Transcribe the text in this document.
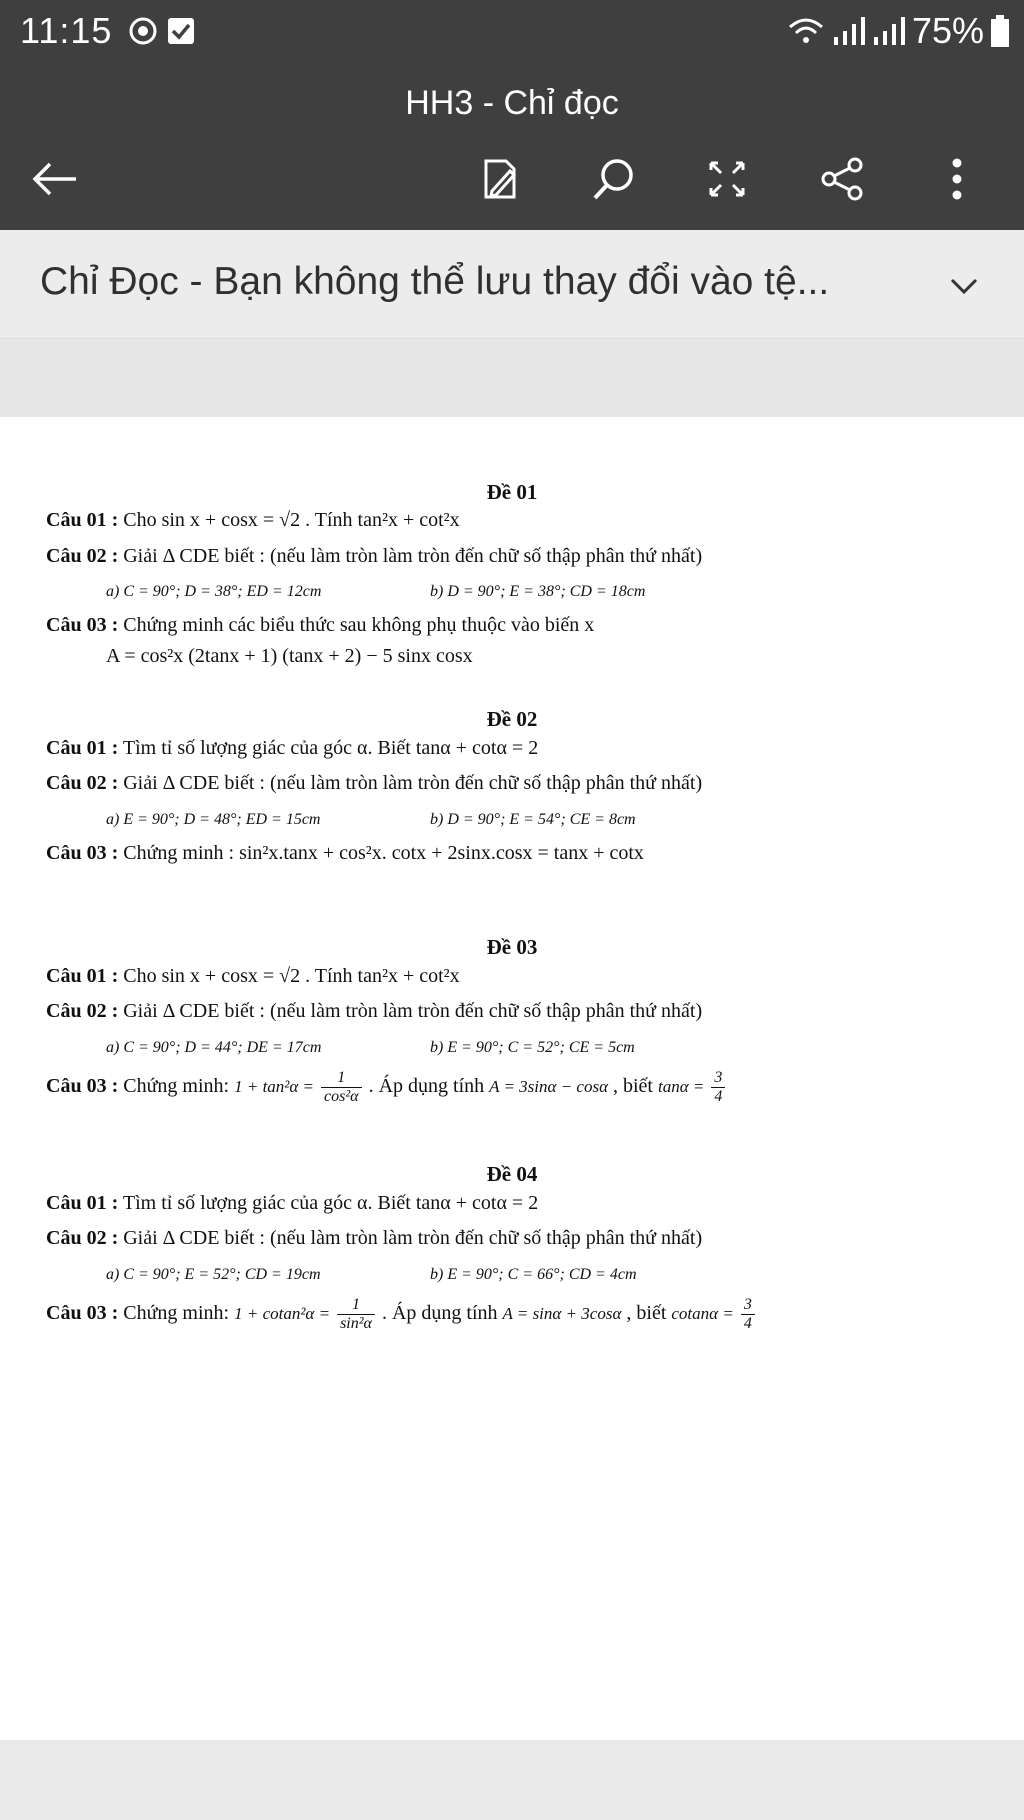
11:15	75%
HH3 - Chỉ đọc
Chỉ Đọc - Bạn không thể lưu thay đổi vào tệ...
Đề 01
Câu 01 : Cho sin x + cosx = √2 . Tính tan²x + cot²x
Câu 02 : Giải Δ CDE biết : (nếu làm tròn làm tròn đến chữ số thập phân thứ nhất)
a) C = 90°; D = 38°; ED = 12cm	b) D = 90°; E = 38°; CD = 18cm
Câu 03 : Chứng minh các biểu thức sau không phụ thuộc vào biến x
A = cos²x (2tanx + 1) (tanx + 2) − 5 sinx cosx
Đề 02
Câu 01 : Tìm tỉ số lượng giác của góc α. Biết tanα + cotα = 2
Câu 02 : Giải Δ CDE biết : (nếu làm tròn làm tròn đến chữ số thập phân thứ nhất)
a) E = 90°; D = 48°; ED = 15cm	b) D = 90°; E = 54°; CE = 8cm
Câu 03 : Chứng minh : sin²x.tanx + cos²x. cotx + 2sinx.cosx = tanx + cotx
Đề 03
Câu 01 : Cho sin x + cosx = √2 . Tính tan²x + cot²x
Câu 02 : Giải Δ CDE biết : (nếu làm tròn làm tròn đến chữ số thập phân thứ nhất)
a) C = 90°; D = 44°; DE = 17cm	b) E = 90°; C = 52°; CE = 5cm
Câu 03 : Chứng minh: $1 + \tan^2\alpha = \frac{1}{\text{cos²α}}$ . Áp dụng tính A = 3sinα − cosα , biết $\tan\alpha = \frac{3}{4}$
Đề 04
Câu 01 : Tìm tỉ số lượng giác của góc α. Biết tanα + cotα = 2
Câu 02 : Giải Δ CDE biết : (nếu làm tròn làm tròn đến chữ số thập phân thứ nhất)
a) C = 90°; E = 52°; CD = 19cm	b) E = 90°; C = 66°; CD = 4cm
Câu 03 : Chứng minh: $1 + cotan^2\alpha = \frac{1}{\text{sin²α}}$ . Áp dụng tính A = sinα + 3cosα , biết $cotan\alpha = \frac{3}{4}$
